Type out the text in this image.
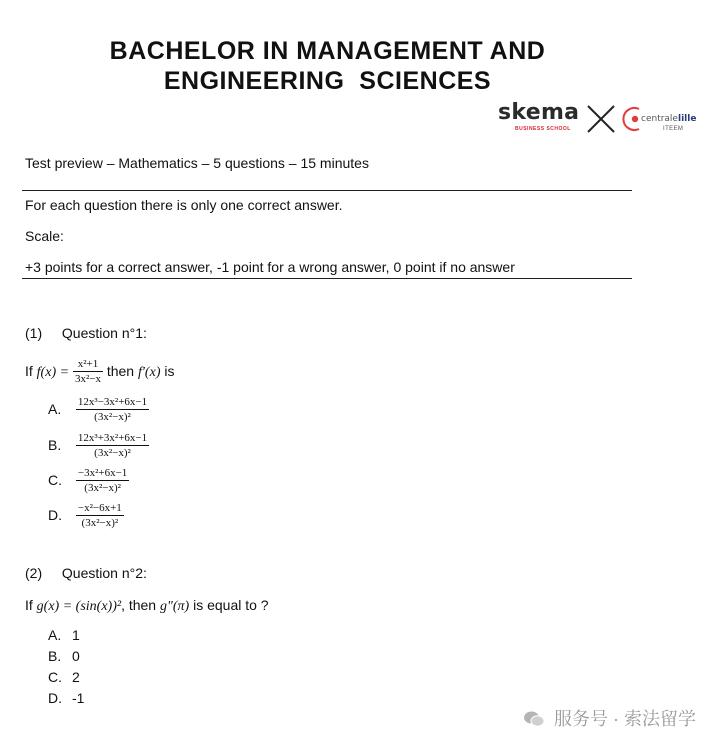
BACHELOR IN MANAGEMENT AND
ENGINEERING  SCIENCES
skema
BUSINESS SCHOOL
centralelille
ITEEM
Test preview – Mathematics – 5 questions – 15 minutes
For each question there is only one correct answer.
Scale:
+3 points for a correct answer, -1 point for a wrong answer, 0 point if no answer
(1) Question n°1:
If $f(x) = \frac{\text{x²+1}}{\text{3x²−x}}$ then f′(x) is
A. $\frac{\text{12x³−3x²+6x−1}}{\text{(3x²−x)²}}$
B. $\frac{\text{12x³+3x²+6x−1}}{\text{(3x²−x)²}}$
C. $\frac{\text{−3x²+6x−1}}{\text{(3x²−x)²}}$
D. $\frac{\text{−x²−6x+1}}{\text{(3x²−x)²}}$
(2) Question n°2:
If g(x) = (sin(x))², then g"(π) is equal to ?
A. 1
B. 0
C. 2
D. -1
服务号 · 索法留学
